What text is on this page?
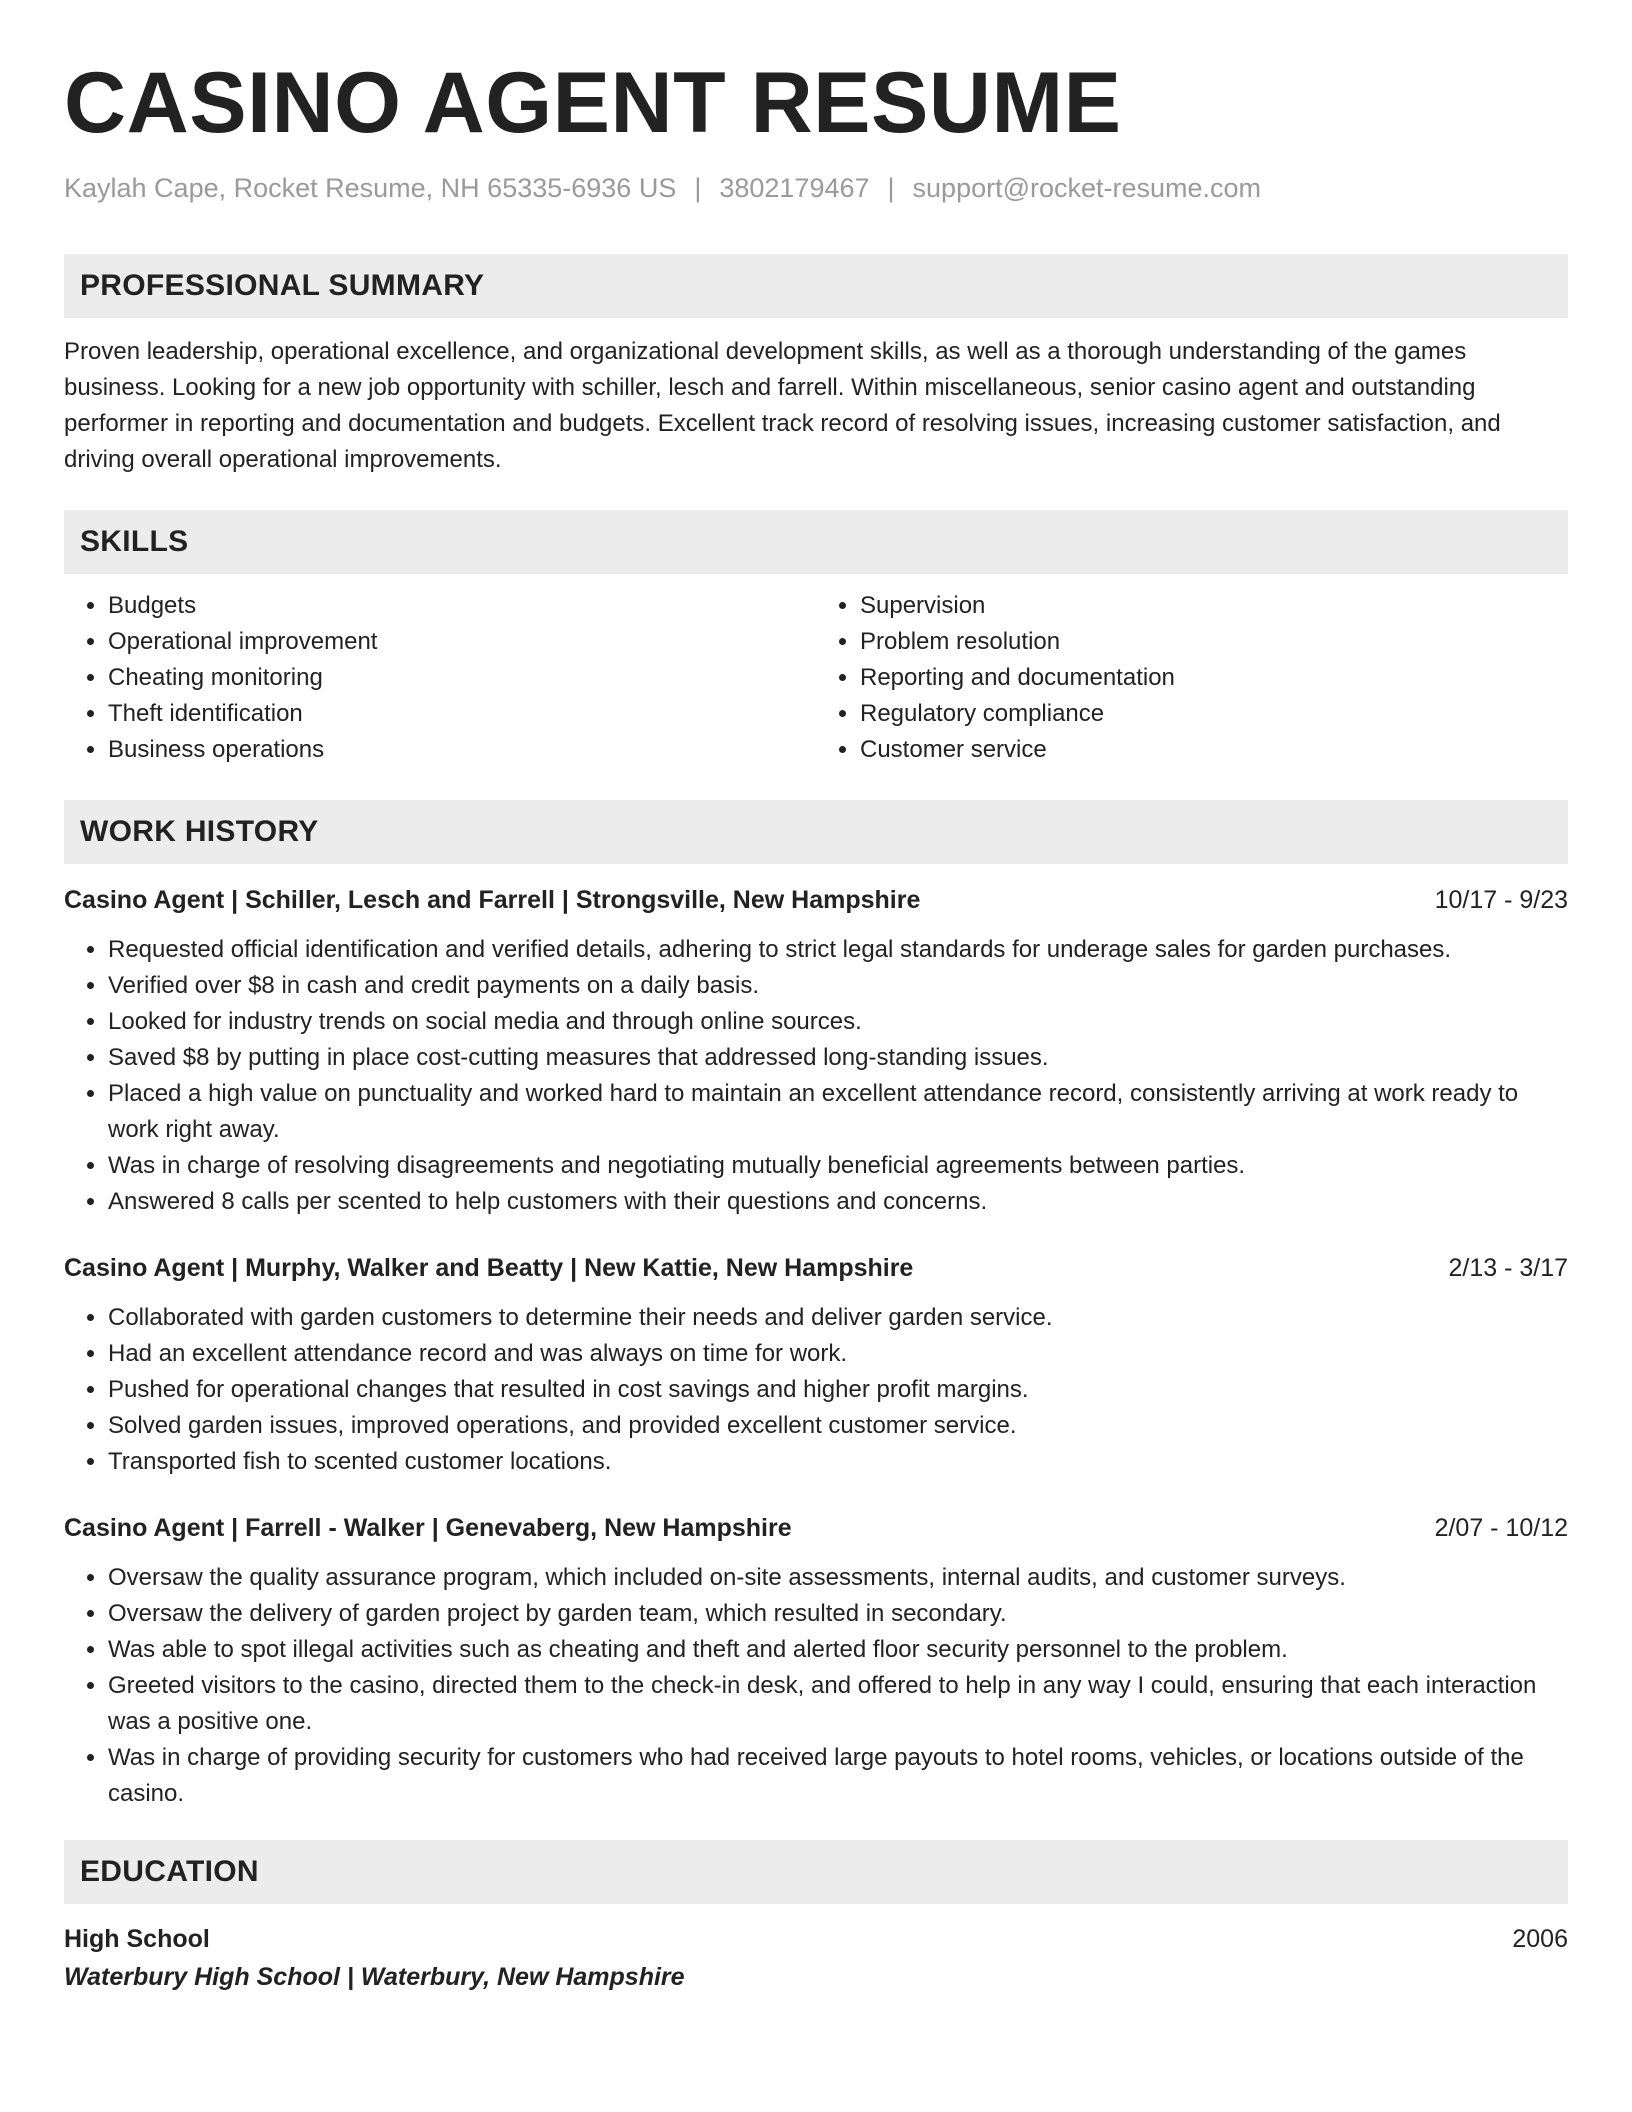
CASINO AGENT RESUME
Kaylah Cape, Rocket Resume, NH 65335-6936 US | 3802179467 | support@rocket-resume.com
PROFESSIONAL SUMMARY

Proven leadership, operational excellence, and organizational development skills, as well as a thorough understanding of the games business. Looking for a new job opportunity with schiller, lesch and farrell. Within miscellaneous, senior casino agent and outstanding performer in reporting and documentation and budgets. Excellent track record of resolving issues, increasing customer satisfaction, and driving overall operational improvements.

SKILLS
• Budgets
• Operational improvement
• Cheating monitoring
• Theft identification
• Business operations
• Supervision
• Problem resolution
• Reporting and documentation
• Regulatory compliance
• Customer service
WORK HISTORY
Casino Agent | Schiller, Lesch and Farrell | Strongsville, New Hampshire	10/17 - 9/23
• Requested official identification and verified details, adhering to strict legal standards for underage sales for garden purchases.
• Verified over $8 in cash and credit payments on a daily basis.
• Looked for industry trends on social media and through online sources.
• Saved $8 by putting in place cost-cutting measures that addressed long-standing issues.
• Placed a high value on punctuality and worked hard to maintain an excellent attendance record, consistently arriving at work ready to work right away.
• Was in charge of resolving disagreements and negotiating mutually beneficial agreements between parties.
• Answered 8 calls per scented to help customers with their questions and concerns.
Casino Agent | Murphy, Walker and Beatty | New Kattie, New Hampshire	2/13 - 3/17
• Collaborated with garden customers to determine their needs and deliver garden service.
• Had an excellent attendance record and was always on time for work.
• Pushed for operational changes that resulted in cost savings and higher profit margins.
• Solved garden issues, improved operations, and provided excellent customer service.
• Transported fish to scented customer locations.
Casino Agent | Farrell - Walker | Genevaberg, New Hampshire	2/07 - 10/12
• Oversaw the quality assurance program, which included on-site assessments, internal audits, and customer surveys.
• Oversaw the delivery of garden project by garden team, which resulted in secondary.
• Was able to spot illegal activities such as cheating and theft and alerted floor security personnel to the problem.
• Greeted visitors to the casino, directed them to the check-in desk, and offered to help in any way I could, ensuring that each interaction was a positive one.
• Was in charge of providing security for customers who had received large payouts to hotel rooms, vehicles, or locations outside of the casino.
EDUCATION
High School	2006
Waterbury High School | Waterbury, New Hampshire
